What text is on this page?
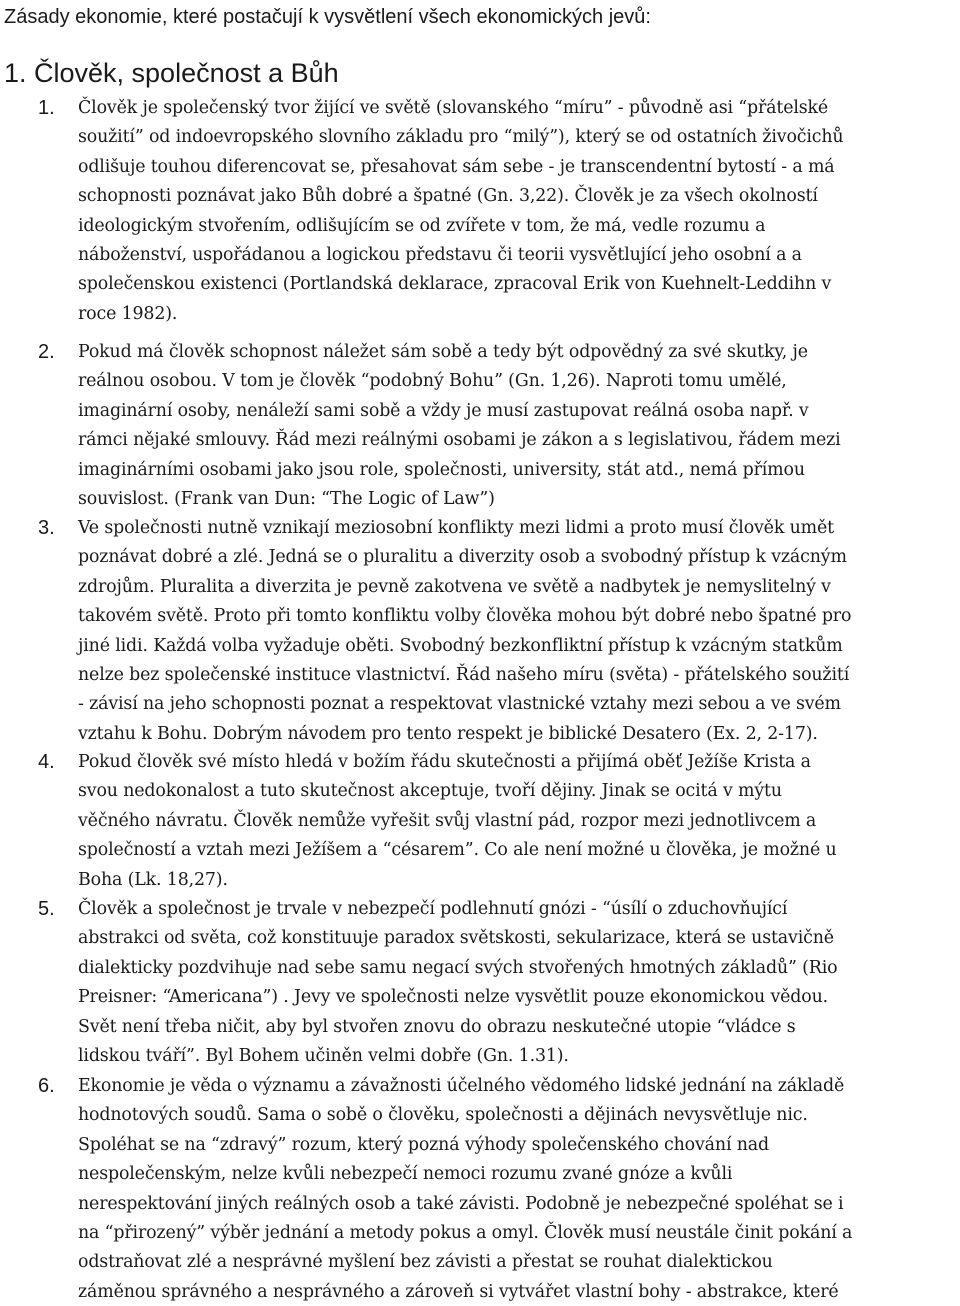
Zásady ekonomie, které postačují k vysvětlení všech ekonomických jevů:

1. Člověk, společnost a Bůh
1. Člověk je společenský tvor žijící ve světě (slovanského “míru” - původně asi “přátelské
soužití” od indoevropského slovního základu pro “milý”), který se od ostatních živočichů
odlišuje touhou diferencovat se, přesahovat sám sebe - je transcendentní bytostí - a má
schopnosti poznávat jako Bůh dobré a špatné (Gn. 3,22). Člověk je za všech okolností
ideologickým stvořením, odlišujícím se od zvířete v tom, že má, vedle rozumu a
náboženství, uspořádanou a logickou představu či teorii vysvětlující jeho osobní a a
společenskou existenci (Portlandská deklarace, zpracoval Erik von Kuehnelt-Leddihn v
roce 1982).

2. Pokud má člověk schopnost náležet sám sobě a tedy být odpovědný za své skutky, je
reálnou osobou. V tom je člověk “podobný Bohu” (Gn. 1,26). Naproti tomu umělé,
imaginární osoby, nenáleží sami sobě a vždy je musí zastupovat reálná osoba např. v
rámci nějaké smlouvy. Řád mezi reálnými osobami je zákon a s legislativou, řádem mezi
imaginárními osobami jako jsou role, společnosti, university, stát atd., nemá přímou
souvislost. (Frank van Dun: “The Logic of Law”)

3. Ve společnosti nutně vznikají meziosobní konflikty mezi lidmi a proto musí člověk umět
poznávat dobré a zlé. Jedná se o pluralitu a diverzity osob a svobodný přístup k vzácným
zdrojům. Pluralita a diverzita je pevně zakotvena ve světě a nadbytek je nemyslitelný v
takovém světě. Proto při tomto konfliktu volby člověka mohou být dobré nebo špatné pro
jiné lidi. Každá volba vyžaduje oběti. Svobodný bezkonfliktní přístup k vzácným statkům
nelze bez společenské instituce vlastnictví. Řád našeho míru (světa) - přátelského soužití
- závisí na jeho schopnosti poznat a respektovat vlastnické vztahy mezi sebou a ve svém
vztahu k Bohu. Dobrým návodem pro tento respekt je biblické Desatero (Ex. 2, 2-17).

4. Pokud člověk své místo hledá v božím řádu skutečnosti a přijímá oběť Ježíše Krista a
svou nedokonalost a tuto skutečnost akceptuje, tvoří dějiny. Jinak se ocitá v mýtu
věčného návratu. Člověk nemůže vyřešit svůj vlastní pád, rozpor mezi jednotlivcem a
společností a vztah mezi Ježíšem a “césarem”. Co ale není možné u člověka, je možné u
Boha (Lk. 18,27).

5. Člověk a společnost je trvale v nebezpečí podlehnutí gnózi - “úsílí o zduchovňující
abstrakci od světa, což konstituuje paradox světskosti, sekularizace, která se ustavičně
dialekticky pozdvihuje nad sebe samu negací svých stvořených hmotných základů” (Rio
Preisner: “Americana”) . Jevy ve společnosti nelze vysvětlit pouze ekonomickou vědou.
Svět není třeba ničit, aby byl stvořen znovu do obrazu neskutečné utopie “vládce s
lidskou tváří”. Byl Bohem učiněn velmi dobře (Gn. 1.31).

6. Ekonomie je věda o významu a závažnosti účelného vědomého lidské jednání na základě
hodnotových soudů. Sama o sobě o člověku, společnosti a dějinách nevysvětluje nic.
Spoléhat se na “zdravý” rozum, který pozná výhody společenského chování nad
nespolečenským, nelze kvůli nebezpečí nemoci rozumu zvané gnóze a kvůli
nerespektování jiných reálných osob a také závisti. Podobně je nebezpečné spoléhat se i
na “přirozený” výběr jednání a metody pokus a omyl. Člověk musí neustále činit pokání a
odstraňovat zlé a nesprávné myšlení bez závisti a přestat se rouhat dialektickou
záměnou správného a nesprávného a zároveň si vytvářet vlastní bohy - abstrakce, které
